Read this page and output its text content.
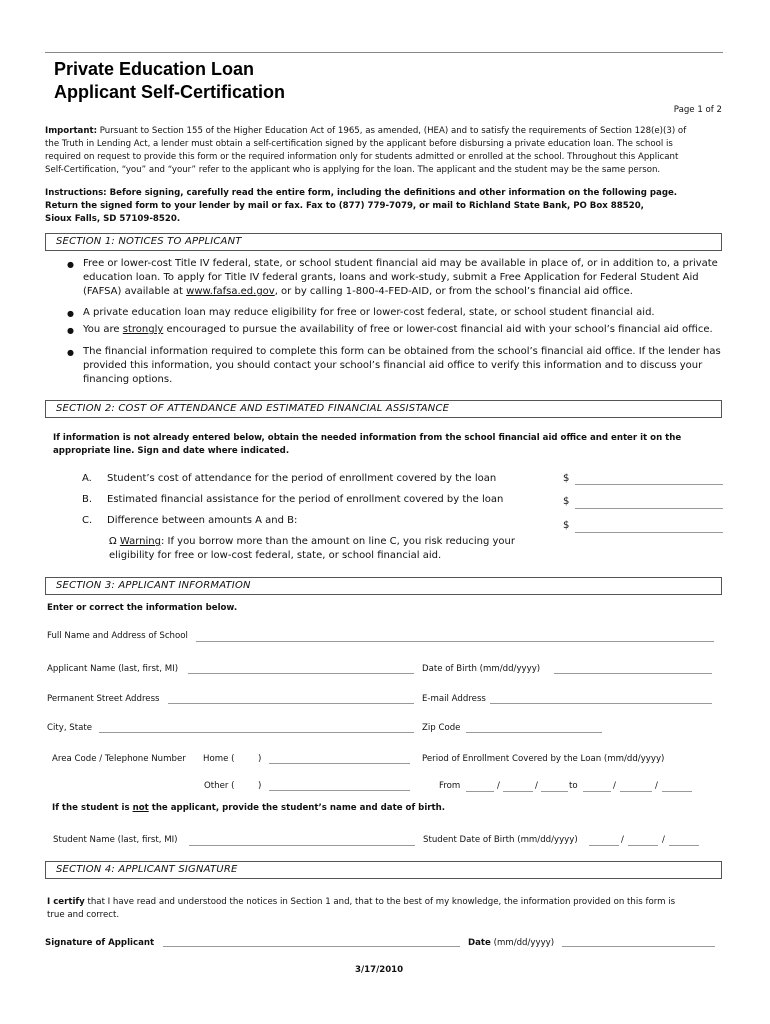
Private Education Loan
Applicant Self-Certification
Page 1 of 2
Important: Pursuant to Section 155 of the Higher Education Act of 1965, as amended, (HEA) and to satisfy the requirements of Section 128(e)(3) of
the Truth in Lending Act, a lender must obtain a self-certification signed by the applicant before disbursing a private education loan. The school is
required on request to provide this form or the required information only for students admitted or enrolled at the school. Throughout this Applicant
Self-Certification, “you” and “your” refer to the applicant who is applying for the loan. The applicant and the student may be the same person.
Instructions: Before signing, carefully read the entire form, including the definitions and other information on the following page.
Return the signed form to your lender by mail or fax. Fax to (877) 779-7079, or mail to Richland State Bank, PO Box 88520,
Sioux Falls, SD 57109-8520.
SECTION 1: NOTICES TO APPLICANT
● Free or lower-cost Title IV federal, state, or school student financial aid may be available in place of, or in addition to, a private
education loan. To apply for Title IV federal grants, loans and work-study, submit a Free Application for Federal Student Aid
(FAFSA) available at www.fafsa.ed.gov, or by calling 1-800-4-FED-AID, or from the school’s financial aid office.
● A private education loan may reduce eligibility for free or lower-cost federal, state, or school student financial aid.
● You are strongly encouraged to pursue the availability of free or lower-cost financial aid with your school’s financial aid office.
● The financial information required to complete this form can be obtained from the school’s financial aid office. If the lender has
provided this information, you should contact your school’s financial aid office to verify this information and to discuss your
financing options.
SECTION 2: COST OF ATTENDANCE AND ESTIMATED FINANCIAL ASSISTANCE
If information is not already entered below, obtain the needed information from the school financial aid office and enter it on the
appropriate line. Sign and date where indicated.
A. Student’s cost of attendance for the period of enrollment covered by the loan	$
B. Estimated financial assistance for the period of enrollment covered by the loan	$
C. Difference between amounts A and B:	$
Ω Warning: If you borrow more than the amount on line C, you risk reducing your
eligibility for free or low-cost federal, state, or school financial aid.
SECTION 3: APPLICANT INFORMATION
Enter or correct the information below.
Full Name and Address of School
Applicant Name (last, first, MI)	Date of Birth (mm/dd/yyyy)
Permanent Street Address	E-mail Address
City, State	Zip Code
Area Code / Telephone Number Home (	)	Period of Enrollment Covered by the Loan (mm/dd/yyyy)
Other (	)	From	/	/	to	/	/
If the student is not the applicant, provide the student’s name and date of birth.
Student Name (last, first, MI)	Student Date of Birth (mm/dd/yyyy)	/	/
SECTION 4: APPLICANT SIGNATURE
I certify that I have read and understood the notices in Section 1 and, that to the best of my knowledge, the information provided on this form is
true and correct.
Signature of Applicant	Date (mm/dd/yyyy)
3/17/2010
